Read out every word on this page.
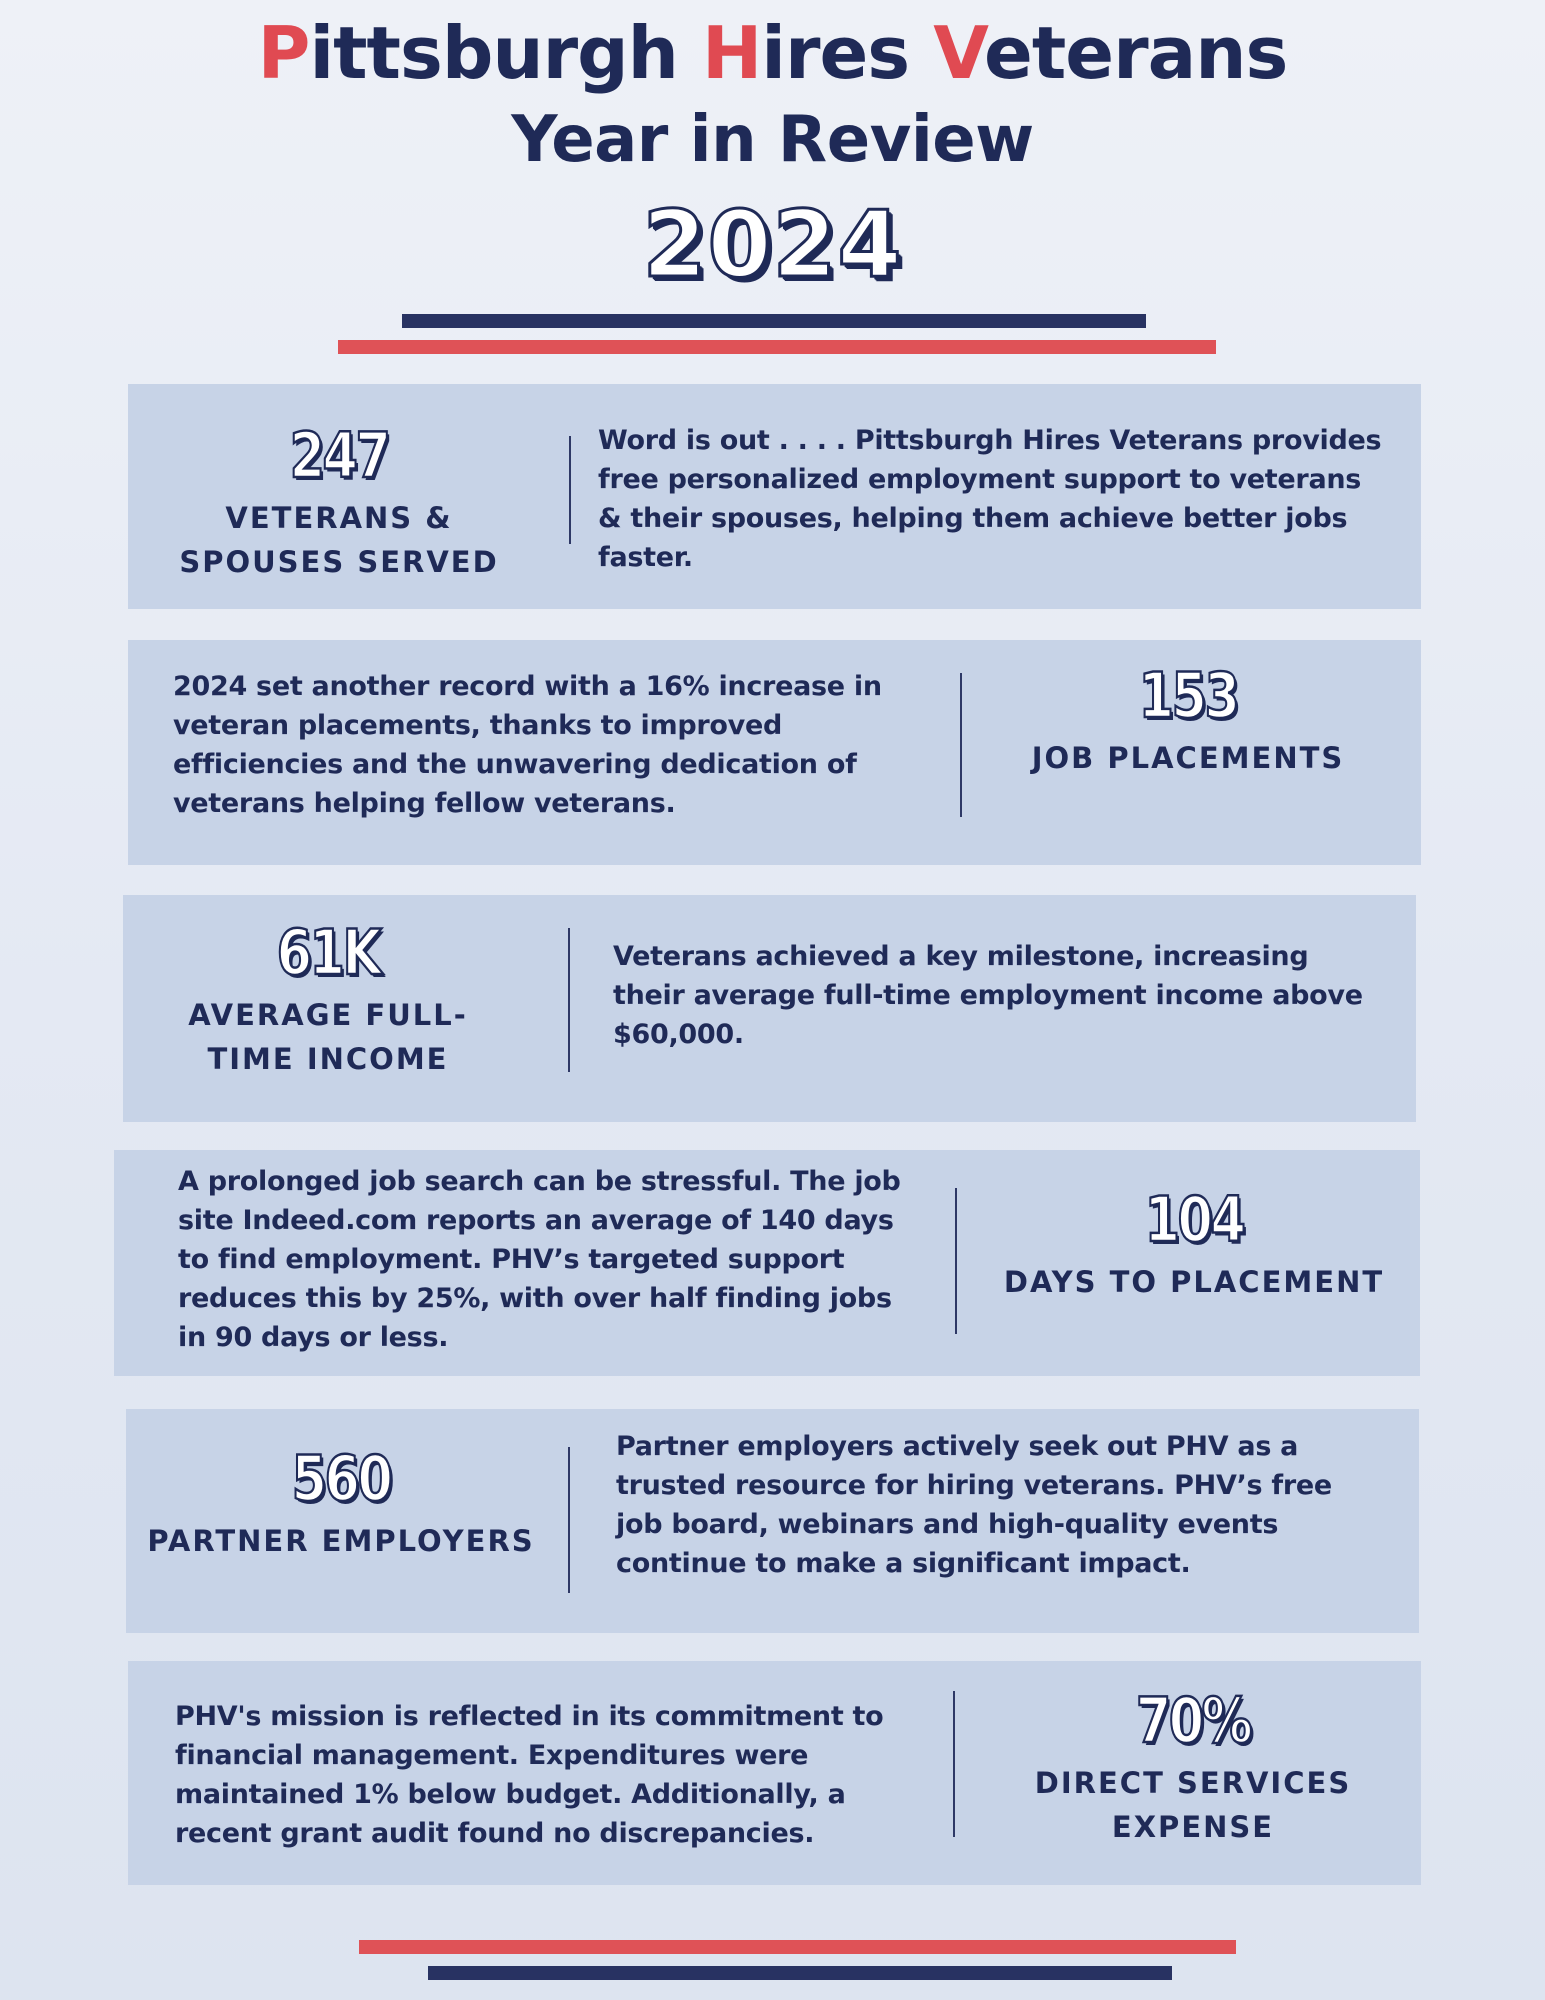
Pittsburgh Hires Veterans
Year in Review
2024
247
VETERANS & SPOUSES SERVED
Word is out . . . . Pittsburgh Hires Veterans provides free personalized employment support to veterans & their spouses, helping them achieve better jobs faster.
2024 set another record with a 16% increase in veteran placements, thanks to improved efficiencies and the unwavering dedication of veterans helping fellow veterans.
153
JOB PLACEMENTS
61K
AVERAGE FULL-TIME INCOME
Veterans achieved a key milestone, increasing their average full-time employment income above $60,000.
A prolonged job search can be stressful. The job site Indeed.com reports an average of 140 days to find employment. PHV’s targeted support reduces this by 25%, with over half finding jobs in 90 days or less.
104
DAYS TO PLACEMENT
560
PARTNER EMPLOYERS
Partner employers actively seek out PHV as a trusted resource for hiring veterans. PHV’s free job board, webinars and high-quality events continue to make a significant impact.
PHV's mission is reflected in its commitment to financial management. Expenditures were maintained 1% below budget. Additionally, a recent grant audit found no discrepancies.
70%
DIRECT SERVICES EXPENSE
